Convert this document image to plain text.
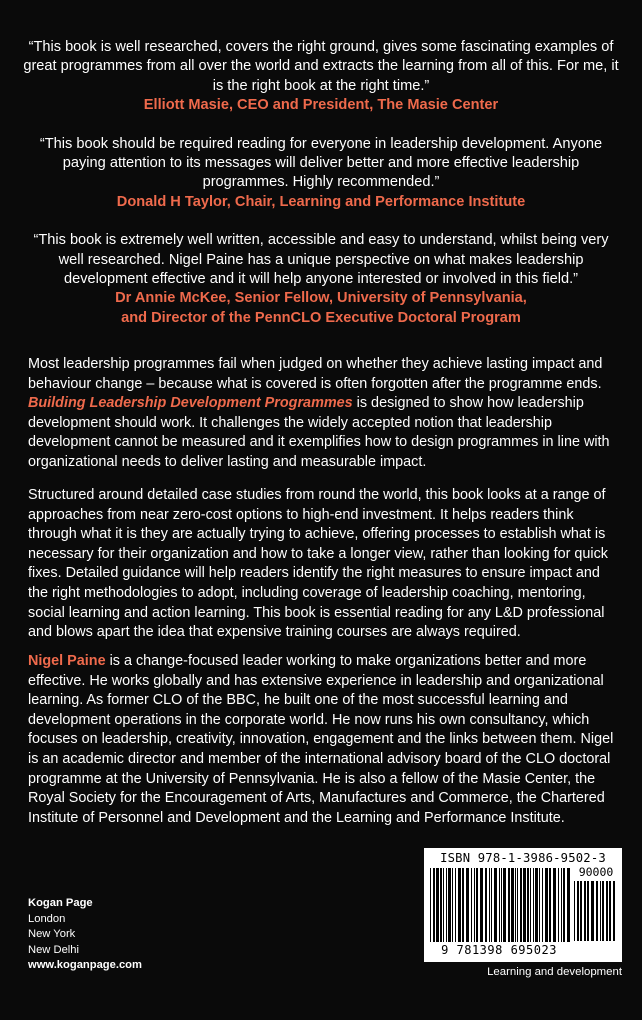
“This book is well researched, covers the right ground, gives some fascinating examples of great programmes from all over the world and extracts the learning from all of this. For me, it is the right book at the right time.”
Elliott Masie, CEO and President, The Masie Center

“This book should be required reading for everyone in leadership development. Anyone paying attention to its messages will deliver better and more effective leadership programmes. Highly recommended.”
Donald H Taylor, Chair, Learning and Performance Institute

“This book is extremely well written, accessible and easy to understand, whilst being very well researched. Nigel Paine has a unique perspective on what makes leadership development effective and it will help anyone interested or involved in this field.”
Dr Annie McKee, Senior Fellow, University of Pennsylvania,
and Director of the PennCLO Executive Doctoral Program

Most leadership programmes fail when judged on whether they achieve lasting impact and behaviour change – because what is covered is often forgotten after the programme ends. Building Leadership Development Programmes is designed to show how leadership development should work. It challenges the widely accepted notion that leadership development cannot be measured and it exemplifies how to design programmes in line with organizational needs to deliver lasting and measurable impact.
Structured around detailed case studies from round the world, this book looks at a range of approaches from near zero-cost options to high-end investment. It helps readers think through what it is they are actually trying to achieve, offering processes to establish what is necessary for their organization and how to take a longer view, rather than looking for quick fixes. Detailed guidance will help readers identify the right measures to ensure impact and the right methodologies to adopt, including coverage of leadership coaching, mentoring, social learning and action learning. This book is essential reading for any L&D professional and blows apart the idea that expensive training courses are always required.
Nigel Paine is a change-focused leader working to make organizations better and more effective. He works globally and has extensive experience in leadership and organizational learning. As former CLO of the BBC, he built one of the most successful learning and development operations in the corporate world. He now runs his own consultancy, which focuses on leadership, creativity, innovation, engagement and the links between them. Nigel is an academic director and member of the international advisory board of the CLO doctoral programme at the University of Pennsylvania. He is also a fellow of the Masie Center, the Royal Society for the Encouragement of Arts, Manufactures and Commerce, the Chartered Institute of Personnel and Development and the Learning and Performance Institute.
Kogan Page
London
New York
New Delhi
www.koganpage.com
ISBN 978-1-3986-9502-3
90000
9 781398 695023
Learning and development
